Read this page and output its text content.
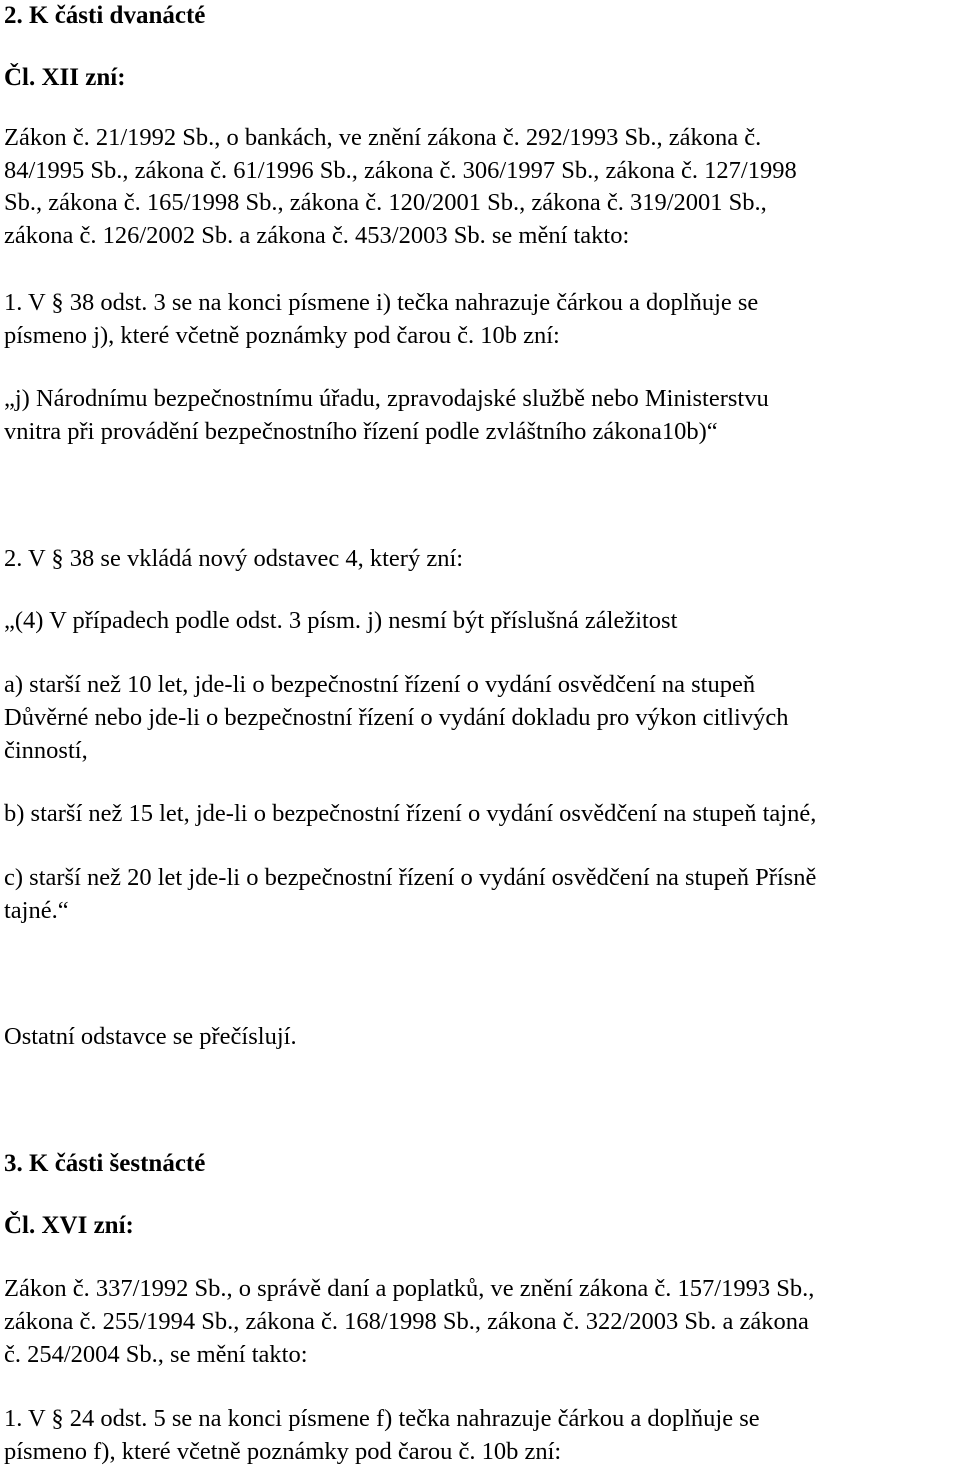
2. K části dvanácté
Čl. XII zní:
Zákon č. 21/1992 Sb., o bankách, ve znění zákona č. 292/1993 Sb., zákona č.
84/1995 Sb., zákona č. 61/1996 Sb., zákona č. 306/1997 Sb., zákona č. 127/1998
Sb., zákona č. 165/1998 Sb., zákona č. 120/2001 Sb., zákona č. 319/2001 Sb.,
zákona č. 126/2002 Sb. a zákona č. 453/2003 Sb. se mění takto:
1. V § 38 odst. 3 se na konci písmene i) tečka nahrazuje čárkou a doplňuje se
písmeno j), které včetně poznámky pod čarou č. 10b zní:
„j) Národnímu bezpečnostnímu úřadu, zpravodajské službě nebo Ministerstvu
vnitra při provádění bezpečnostního řízení podle zvláštního zákona10b)“
2. V § 38 se vkládá nový odstavec 4, který zní:
„(4) V případech podle odst. 3 písm. j) nesmí být příslušná záležitost
a) starší než 10 let, jde-li o bezpečnostní řízení o vydání osvědčení na stupeň
Důvěrné nebo jde-li o bezpečnostní řízení o vydání dokladu pro výkon citlivých
činností,
b) starší než 15 let, jde-li o bezpečnostní řízení o vydání osvědčení na stupeň tajné,
c) starší než 20 let jde-li o bezpečnostní řízení o vydání osvědčení na stupeň Přísně
tajné.“
Ostatní odstavce se přečíslují.
3. K části šestnácté
Čl. XVI zní:
Zákon č. 337/1992 Sb., o správě daní a poplatků, ve znění zákona č. 157/1993 Sb.,
zákona č. 255/1994 Sb., zákona č. 168/1998 Sb., zákona č. 322/2003 Sb. a zákona
č. 254/2004 Sb., se mění takto:
1. V § 24 odst. 5 se na konci písmene f) tečka nahrazuje čárkou a doplňuje se
písmeno f), které včetně poznámky pod čarou č. 10b zní:
